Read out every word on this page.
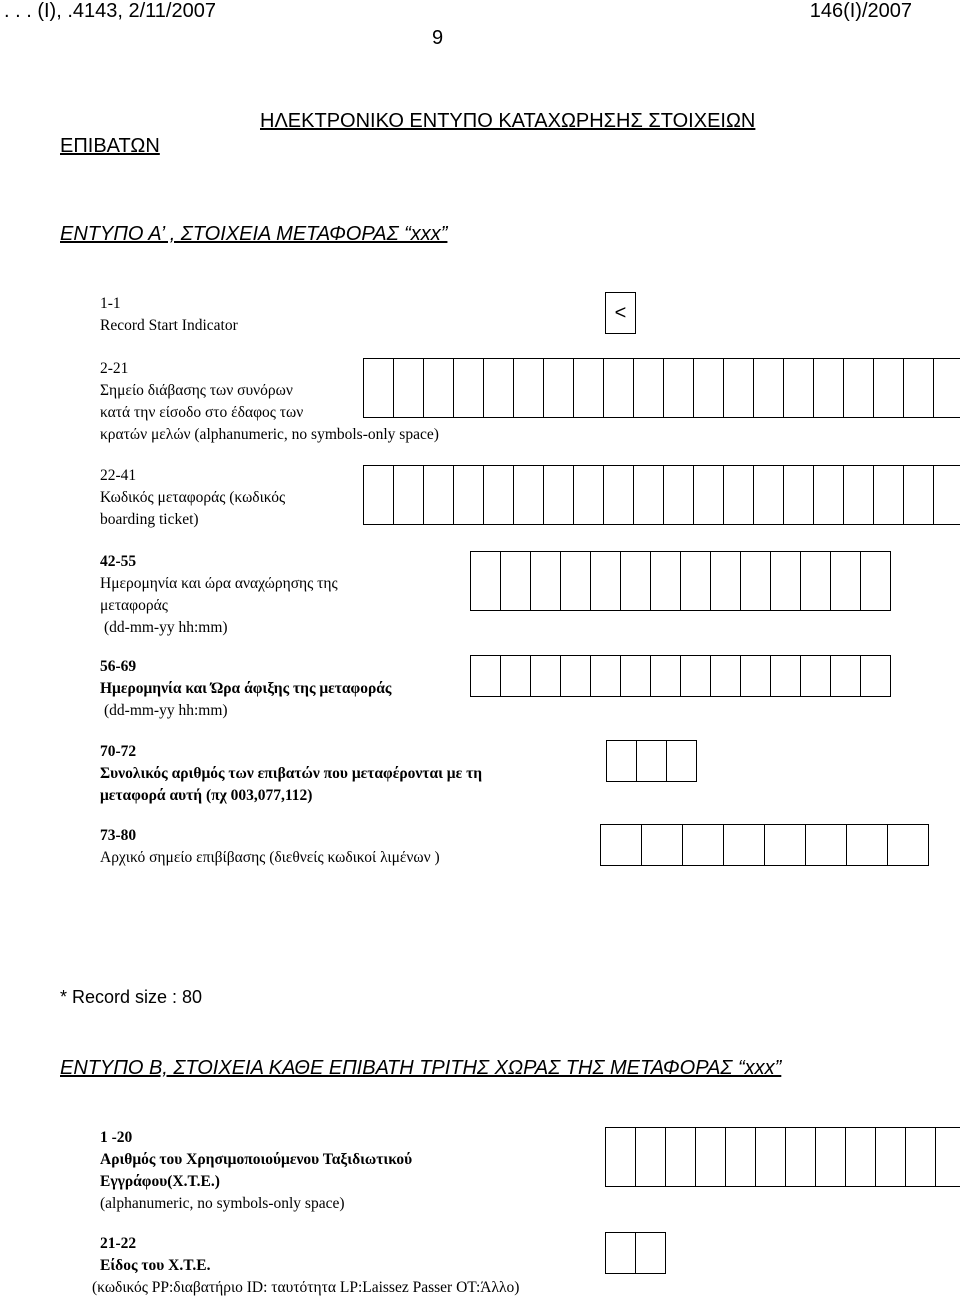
. . . (Ι), .4143, 2/11/2007	146(Ι)/2007
9
ΗΛΕΚΤΡΟΝΙΚΟ ΕΝΤΥΠΟ ΚΑΤΑΧΩΡΗΣΗΣ ΣΤΟΙΧΕΙΩΝ
ΕΠΙΒΑΤΩΝ
ΕΝΤΥΠΟ Α’ , ΣΤΟΙΧΕΙΑ ΜΕΤΑΦΟΡΑΣ “xxx”
1-1
Record Start Indicator
<
2-21
Σημείο διάβασης των συνόρων
κατά την είσοδο στο έδαφος των
κρατών μελών (alphanumeric, no symbols-only space)
22-41
Κωδικός μεταφοράς (κωδικός
boarding ticket)
42-55
Ημερομηνία και ώρα αναχώρησης της
μεταφοράς
(dd-mm-yy hh:mm)
56-69
Ημερομηνία και Ώρα άφιξης της μεταφοράς
(dd-mm-yy hh:mm)
70-72
Συνολικός αριθμός των επιβατών που μεταφέρονται με τη
μεταφορά αυτή (πχ 003,077,112)
73-80
Αρχικό σημείο επιβίβασης (διεθνείς κωδικοί λιμένων )
* Record size : 80
ΕΝΤΥΠΟ Β, ΣΤΟΙΧΕΙΑ ΚΑΘΕ ΕΠΙΒΑΤΗ ΤΡΙΤΗΣ ΧΩΡΑΣ ΤΗΣ ΜΕΤΑΦΟΡΑΣ “xxx”
1 -20
Αριθμός του Χρησιμοποιούμενου Ταξιδιωτικού
Εγγράφου(Χ.Τ.Ε.)
(alphanumeric, no symbols-only space)
21-22
Είδος του Χ.Τ.Ε.
(κωδικός PP:διαβατήριο ID: ταυτότητα LP:Laissez Passer OT:Άλλο)
